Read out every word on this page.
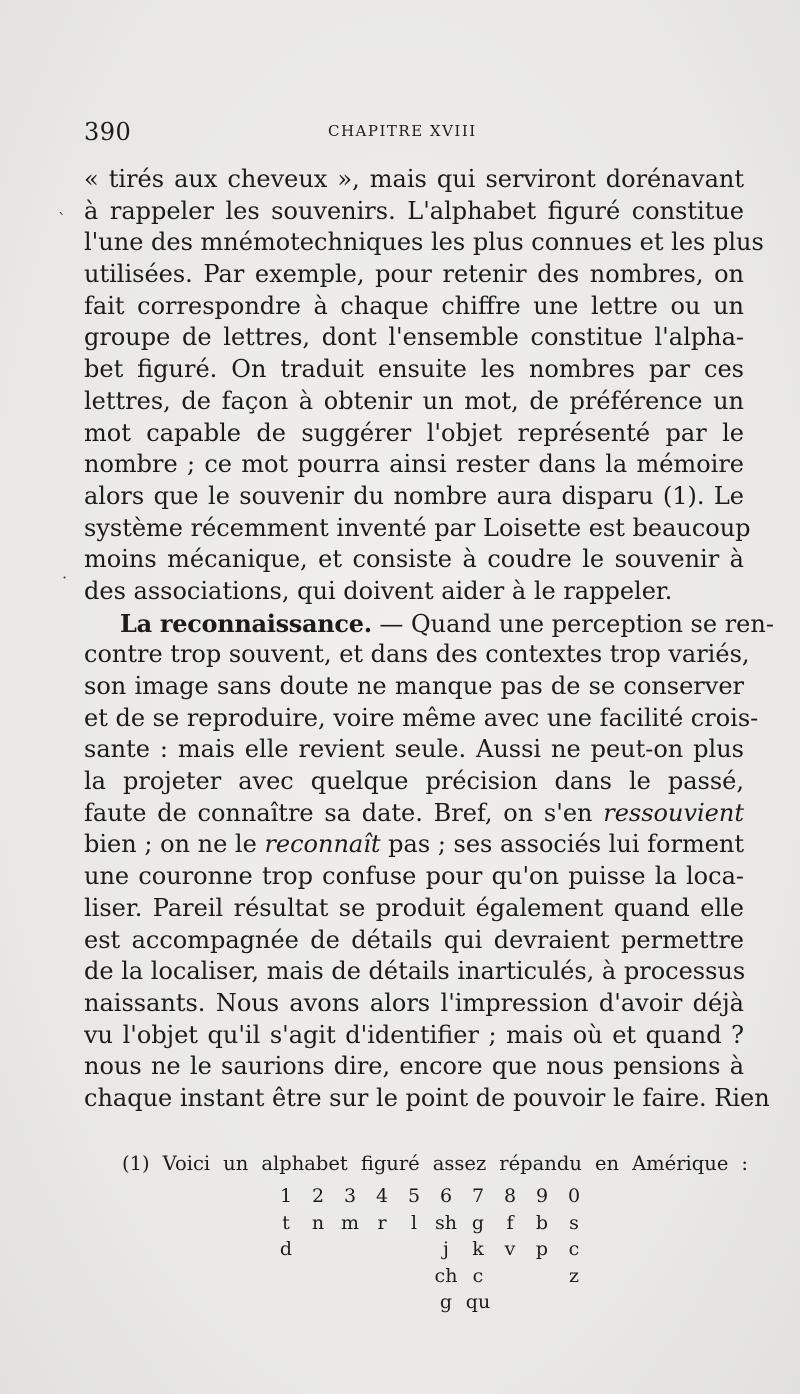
390	CHAPITRE XVIII
`
·
« tirés aux cheveux », mais qui serviront dorénavant
à rappeler les souvenirs. L'alphabet figuré constitue
l'une des mnémotechniques les plus connues et les plus
utilisées. Par exemple, pour retenir des nombres, on
fait correspondre à chaque chiffre une lettre ou un
groupe de lettres, dont l'ensemble constitue l'alpha-
bet figuré. On traduit ensuite les nombres par ces
lettres, de façon à obtenir un mot, de préférence un
mot capable de suggérer l'objet représenté par le
nombre ; ce mot pourra ainsi rester dans la mémoire
alors que le souvenir du nombre aura disparu (1). Le
système récemment inventé par Loisette est beaucoup
moins mécanique, et consiste à coudre le souvenir à
des associations, qui doivent aider à le rappeler.
La reconnaissance. — Quand une perception se ren-
contre trop souvent, et dans des contextes trop variés,
son image sans doute ne manque pas de se conserver
et de se reproduire, voire même avec une facilité crois-
sante : mais elle revient seule. Aussi ne peut-on plus
la projeter avec quelque précision dans le passé,
faute de connaître sa date. Bref, on s'en ressouvient
bien ; on ne le reconnaît pas ; ses associés lui forment
une couronne trop confuse pour qu'on puisse la loca-
liser. Pareil résultat se produit également quand elle
est accompagnée de détails qui devraient permettre
de la localiser, mais de détails inarticulés, à processus
naissants. Nous avons alors l'impression d'avoir déjà
vu l'objet qu'il s'agit d'identifier ; mais où et quand ?
nous ne le saurions dire, encore que nous pensions à
chaque instant être sur le point de pouvoir le faire. Rien
(1) Voici un alphabet figuré assez répandu en Amérique :
1	2	3	4	5	6	7	8	9	0
t	n	m	r	l	sh	g	f	b	s
d					j	k	v	p	c
					ch	c			z
					g	qu			
